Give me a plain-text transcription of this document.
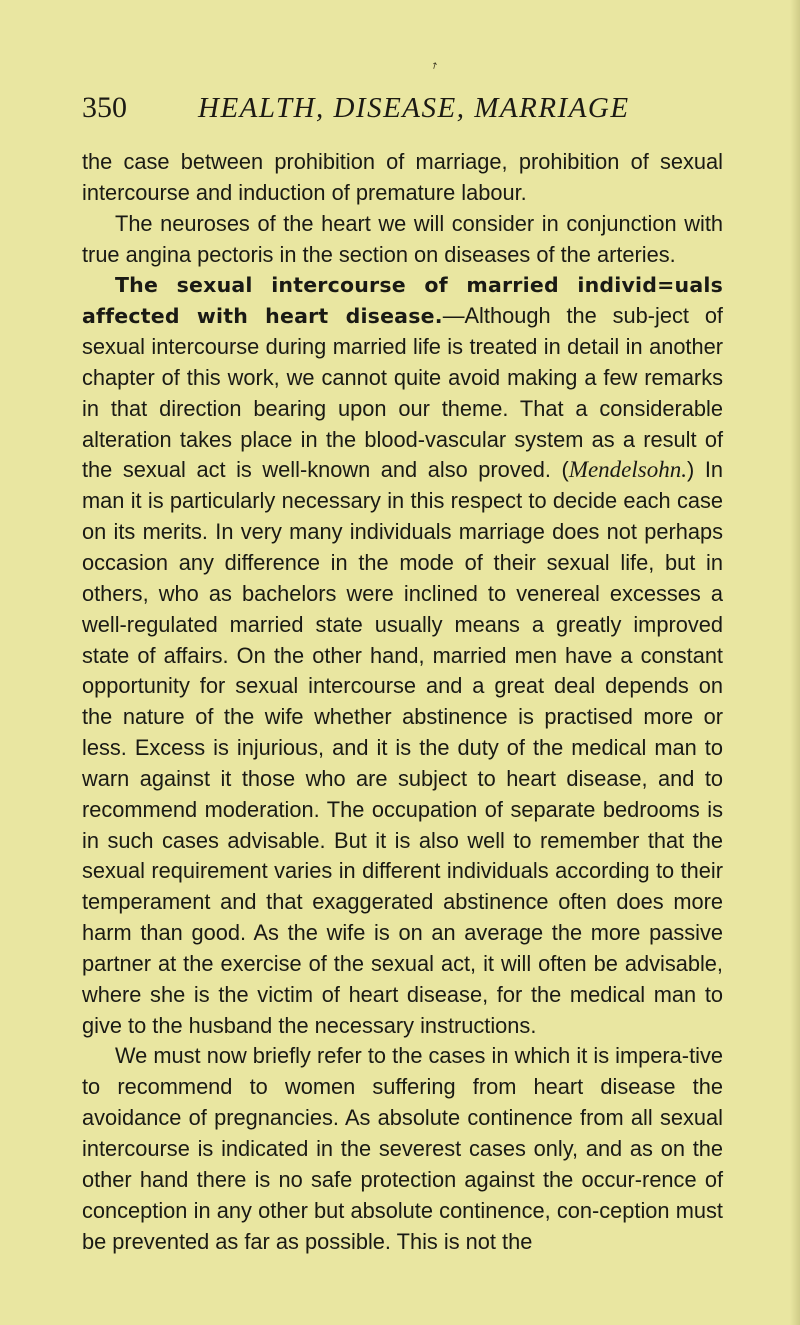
↗
350 HEALTH, DISEASE, MARRIAGE

the case between prohibition of marriage, prohibition of sexual intercourse and induction of premature labour.

The neuroses of the heart we will consider in conjunction with true angina pectoris in the section on diseases of the arteries.

The sexual intercourse of married individ=uals affected with heart disease.—Although the sub-ject of sexual intercourse during married life is treated in detail in another chapter of this work, we cannot quite avoid making a few remarks in that direction bearing upon our theme. That a considerable alteration takes place in the blood-vascular system as a result of the sexual act is well-known and also proved. (Mendelsohn.) In man it is particularly necessary in this respect to decide each case on its merits. In very many individuals marriage does not perhaps occasion any difference in the mode of their sexual life, but in others, who as bachelors were inclined to venereal excesses a well-regulated married state usually means a greatly improved state of affairs. On the other hand, married men have a constant opportunity for sexual intercourse and a great deal depends on the nature of the wife whether abstinence is practised more or less. Excess is injurious, and it is the duty of the medical man to warn against it those who are subject to heart disease, and to recommend moderation. The occupation of separate bedrooms is in such cases advisable. But it is also well to remember that the sexual requirement varies in different individuals according to their temperament and that exaggerated abstinence often does more harm than good. As the wife is on an average the more passive partner at the exercise of the sexual act, it will often be advisable, where she is the victim of heart disease, for the medical man to give to the husband the necessary instructions.

We must now briefly refer to the cases in which it is impera-tive to recommend to women suffering from heart disease the avoidance of pregnancies. As absolute continence from all sexual intercourse is indicated in the severest cases only, and as on the other hand there is no safe protection against the occur-rence of conception in any other but absolute continence, con-ception must be prevented as far as possible. This is not the
